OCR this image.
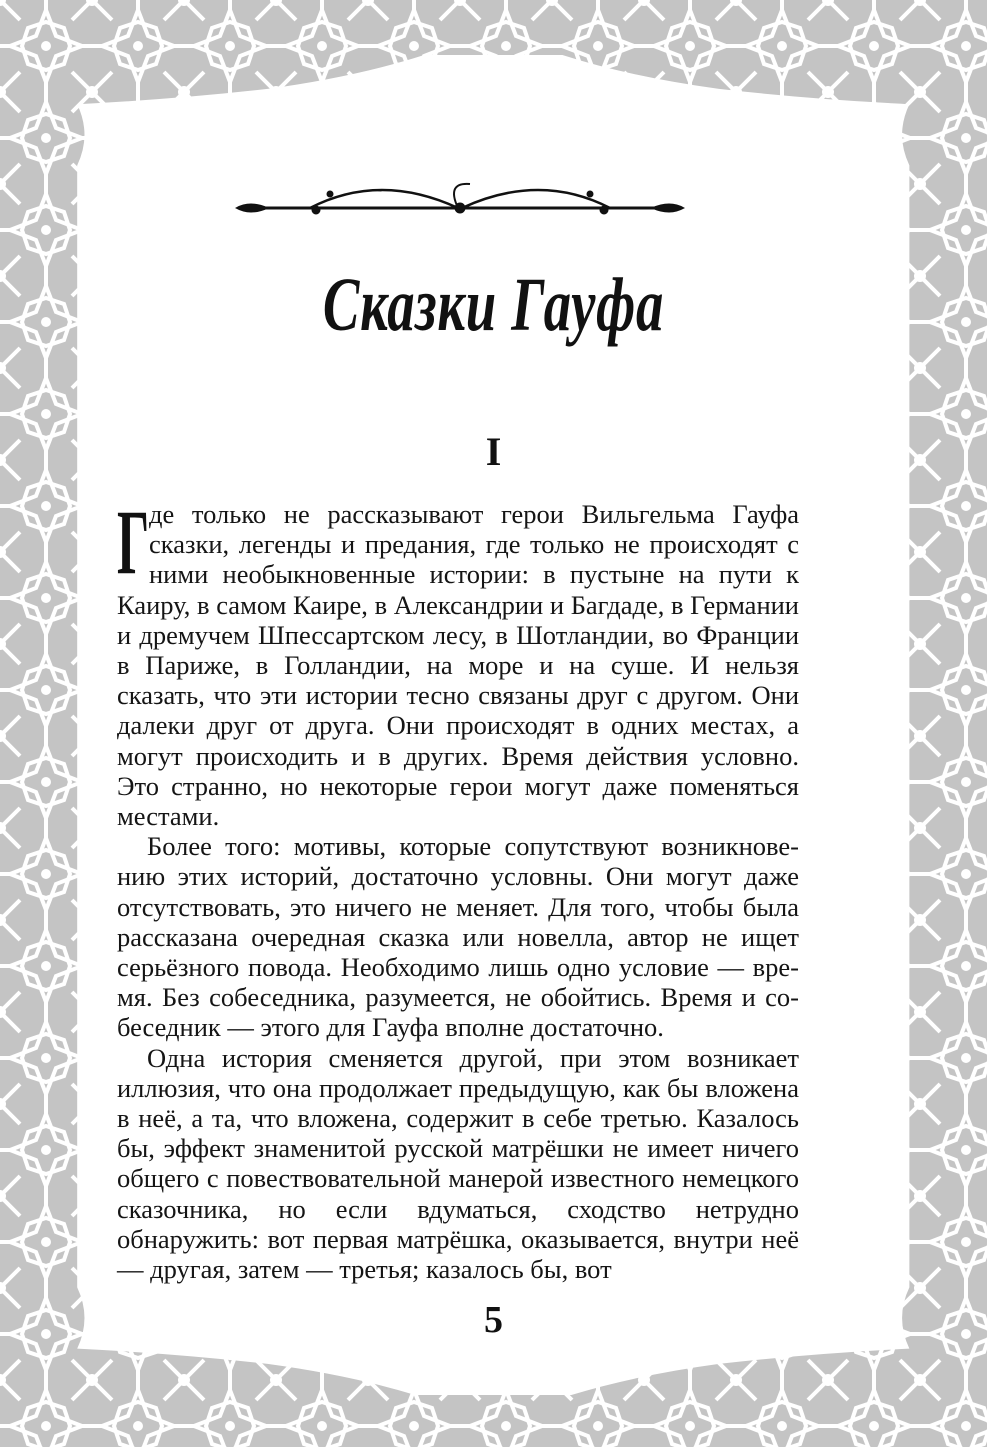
Сказки Гауфа
I

Где только не рассказывают герои Вильгельма Гауфа сказки, легенды и предания, где только не происходят с ними необыкновенные истории: в пустыне на пути к Каиру, в самом Каире, в Александрии и Багдаде, в Германии и дремучем Шпессартском лесу, в Шотландии, во Франции в Париже, в Голландии, на море и на суше. И нельзя сказать, что эти истории тесно связаны друг с другом. Они далеки друг от друга. Они происходят в одних местах, а могут происходить и в других. Время действия условно. Это странно, но некоторые герои могут даже поменяться местами.

Более того: мотивы, которые сопутствуют возникновению этих историй, достаточно условны. Они могут даже отсутствовать, это ничего не меняет. Для того, чтобы была рассказана очередная сказка или новелла, автор не ищет серьёзного повода. Необходимо лишь одно условие — время. Без собеседника, разумеется, не обойтись. Время и собеседник — этого для Гауфа вполне достаточно.

Одна история сменяется другой, при этом возникает иллюзия, что она продолжает предыдущую, как бы вложена в неё, а та, что вложена, содержит в себе третью. Казалось бы, эффект знаменитой русской матрёшки не имеет ничего общего с повествовательной манерой известного немецкого сказочника, но если вдуматься, сходство нетрудно обнаружить: вот первая матрёшка, оказывается, внутри неё — другая, затем — третья; казалось бы, вот

5
